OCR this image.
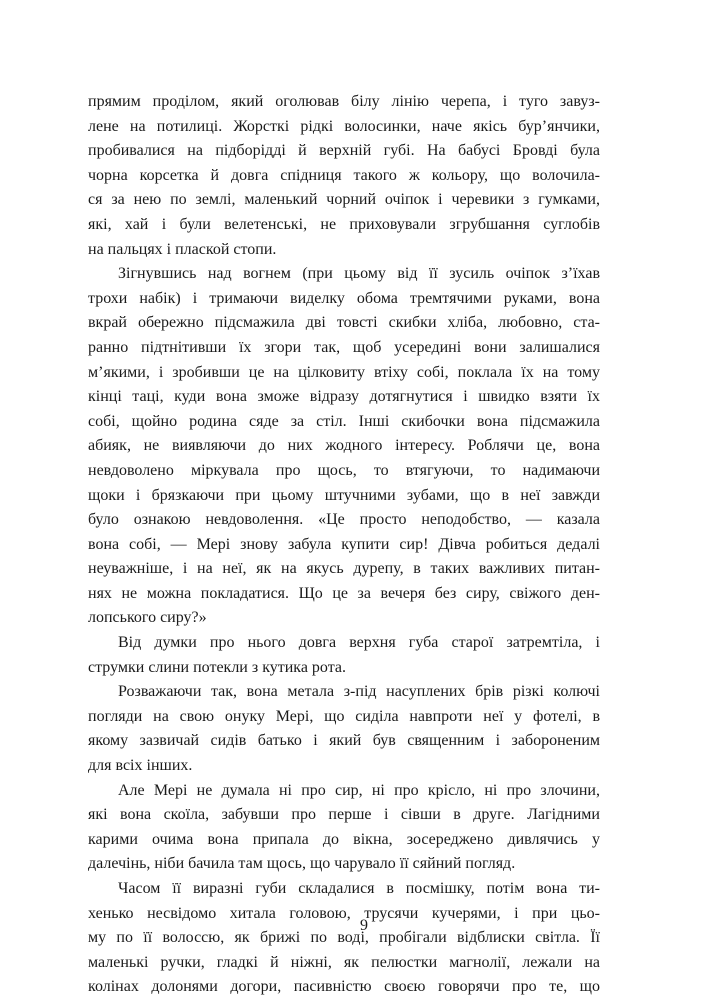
прямим проділом, який оголював білу лінію черепа, і туго завуз-
лене на потилиці. Жорсткі рідкі волосинки, наче якісь бур’янчики,
пробивалися на підборідді й верхній губі. На бабусі Бровді була
чорна корсетка й довга спідниця такого ж кольору, що волочила-
ся за нею по землі, маленький чорний очіпок і черевики з гумками,
які, хай і були велетенські, не приховували згрубшання суглобів
на пальцях і плаской стопи.

Зігнувшись над вогнем (при цьому від її зусиль очіпок з’їхав
трохи набік) і тримаючи виделку обома тремтячими руками, вона
вкрай обережно підсмажила дві товсті скибки хліба, любовно, ста-
ранно підтнітивши їх згори так, щоб усередині вони залишалися
м’якими, і зробивши це на цілковиту втіху собі, поклала їх на тому
кінці таці, куди вона зможе відразу дотягнутися і швидко взяти їх
собі, щойно родина сяде за стіл. Інші скибочки вона підсмажила
абияк, не виявляючи до них жодного інтересу. Роблячи це, вона
невдоволено міркувала про щось, то втягуючи, то надимаючи
щоки і брязкаючи при цьому штучними зубами, що в неї завжди
було ознакою невдоволення. «Це просто неподобство, — казала
вона собі, — Мері знову забула купити сир! Дівча робиться дедалі
неуважніше, і на неї, як на якусь дурепу, в таких важливих питан-
нях не можна покладатися. Що це за вечеря без сиру, свіжого ден-
лопського сиру?»

Від думки про нього довга верхня губа старої затремтіла, і
струмки слини потекли з кутика рота.

Розважаючи так, вона метала з-під насуплених брів різкі колючі
погляди на свою онуку Мері, що сиділа навпроти неї у фотелі, в
якому зазвичай сидів батько і який був священним і забороненим
для всіх інших.

Але Мері не думала ні про сир, ні про крісло, ні про злочини,
які вона скоїла, забувши про перше і сівши в друге. Лагідними
карими очима вона припала до вікна, зосереджено дивлячись у
далечінь, ніби бачила там щось, що чарувало її сяйний погляд.

Часом її виразні губи складалися в посмішку, потім вона ти-
хенько несвідомо хитала головою, трусячи кучерями, і при цьо-
му по її волоссю, як брижі по воді, пробігали відблиски світла. Її
маленькі ручки, гладкі й ніжні, як пелюстки магнолії, лежали на
колінах долонями догори, пасивністю своєю говорячи про те, що

9
